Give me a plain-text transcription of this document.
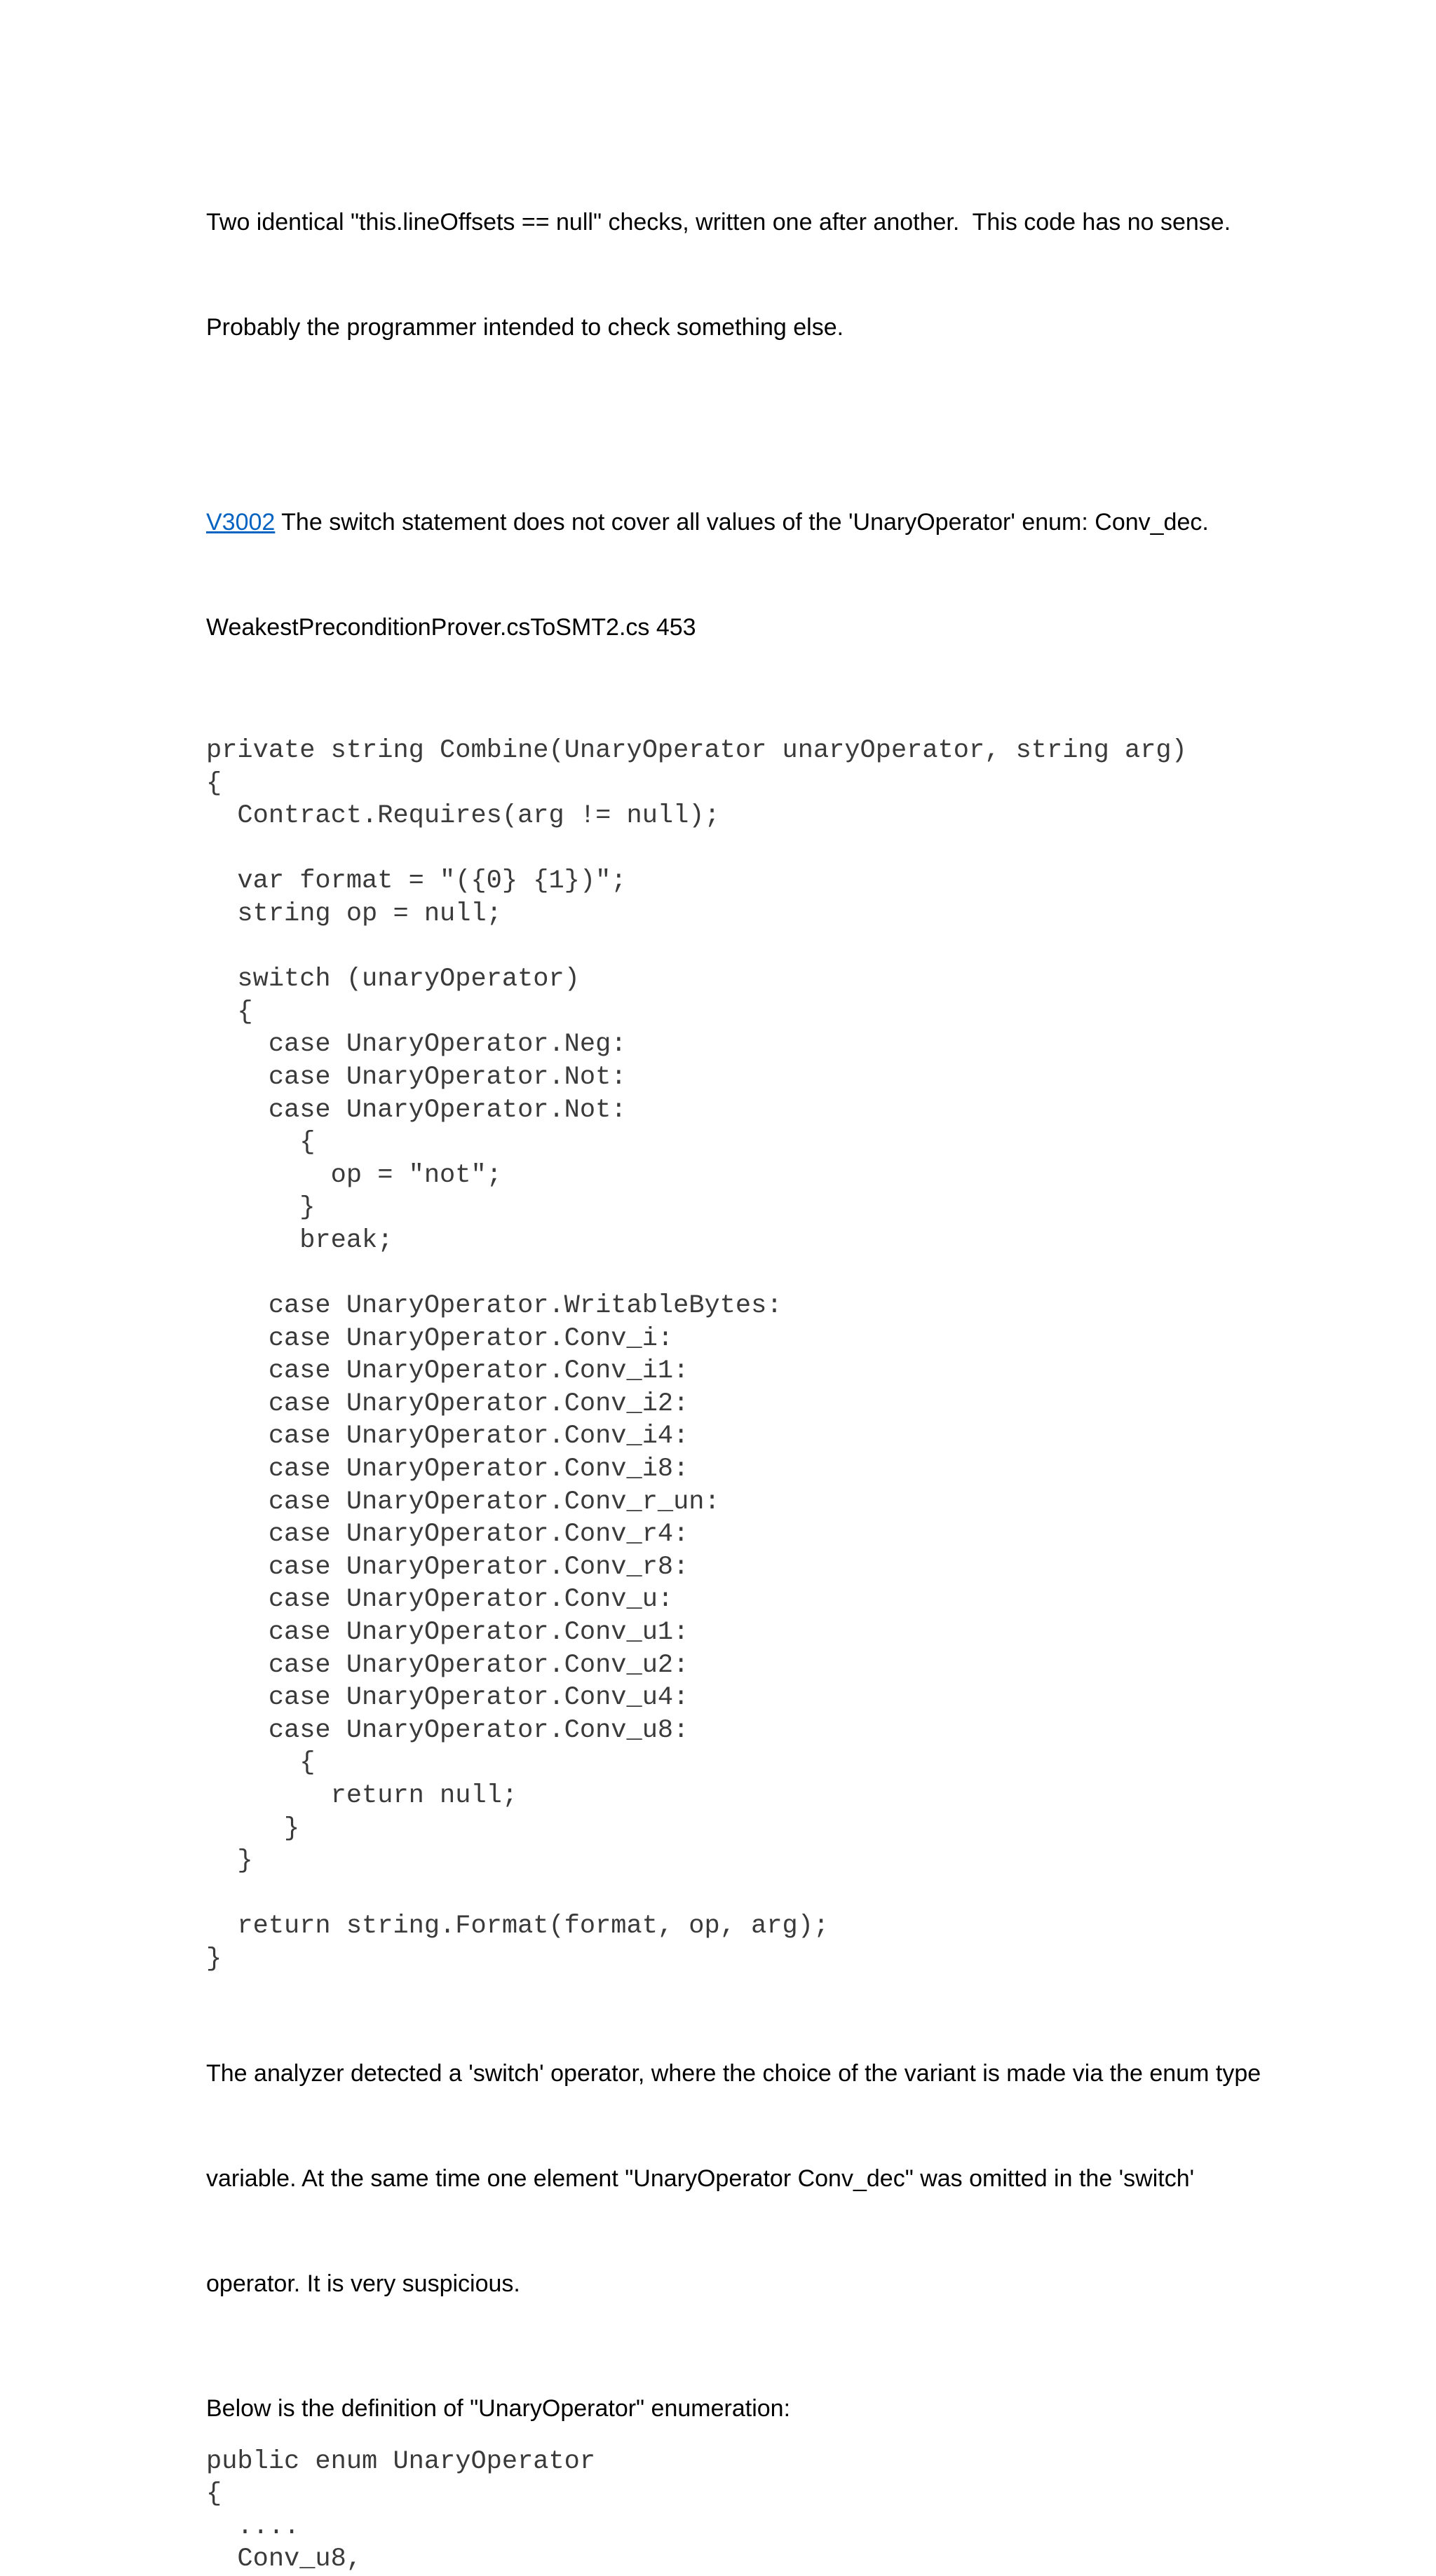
Two identical "this.lineOffsets == null" checks, written one after another.  This code has no sense.

Probably the programmer intended to check something else.

V3002 The switch statement does not cover all values of the 'UnaryOperator' enum: Conv_dec.

WeakestPreconditionProver.csToSMT2.cs 453

private string Combine(UnaryOperator unaryOperator, string arg)
{
Contract.Requires(arg != null);

var format = "({0} {1})";
string op = null;

switch (unaryOperator)
{
case UnaryOperator.Neg:
case UnaryOperator.Not:
case UnaryOperator.Not:
{
op = "not";
}
break;

case UnaryOperator.WritableBytes:
case UnaryOperator.Conv_i:
case UnaryOperator.Conv_i1:
case UnaryOperator.Conv_i2:
case UnaryOperator.Conv_i4:
case UnaryOperator.Conv_i8:
case UnaryOperator.Conv_r_un:
case UnaryOperator.Conv_r4:
case UnaryOperator.Conv_r8:
case UnaryOperator.Conv_u:
case UnaryOperator.Conv_u1:
case UnaryOperator.Conv_u2:
case UnaryOperator.Conv_u4:
case UnaryOperator.Conv_u8:
{
return null;
}
}

return string.Format(format, op, arg);
}

The analyzer detected a 'switch' operator, where the choice of the variant is made via the enum type

variable. At the same time one element "UnaryOperator Conv_dec" was omitted in the 'switch'

operator. It is very suspicious.

Below is the definition of "UnaryOperator" enumeration:
public enum UnaryOperator
{
....
Conv_u8,
